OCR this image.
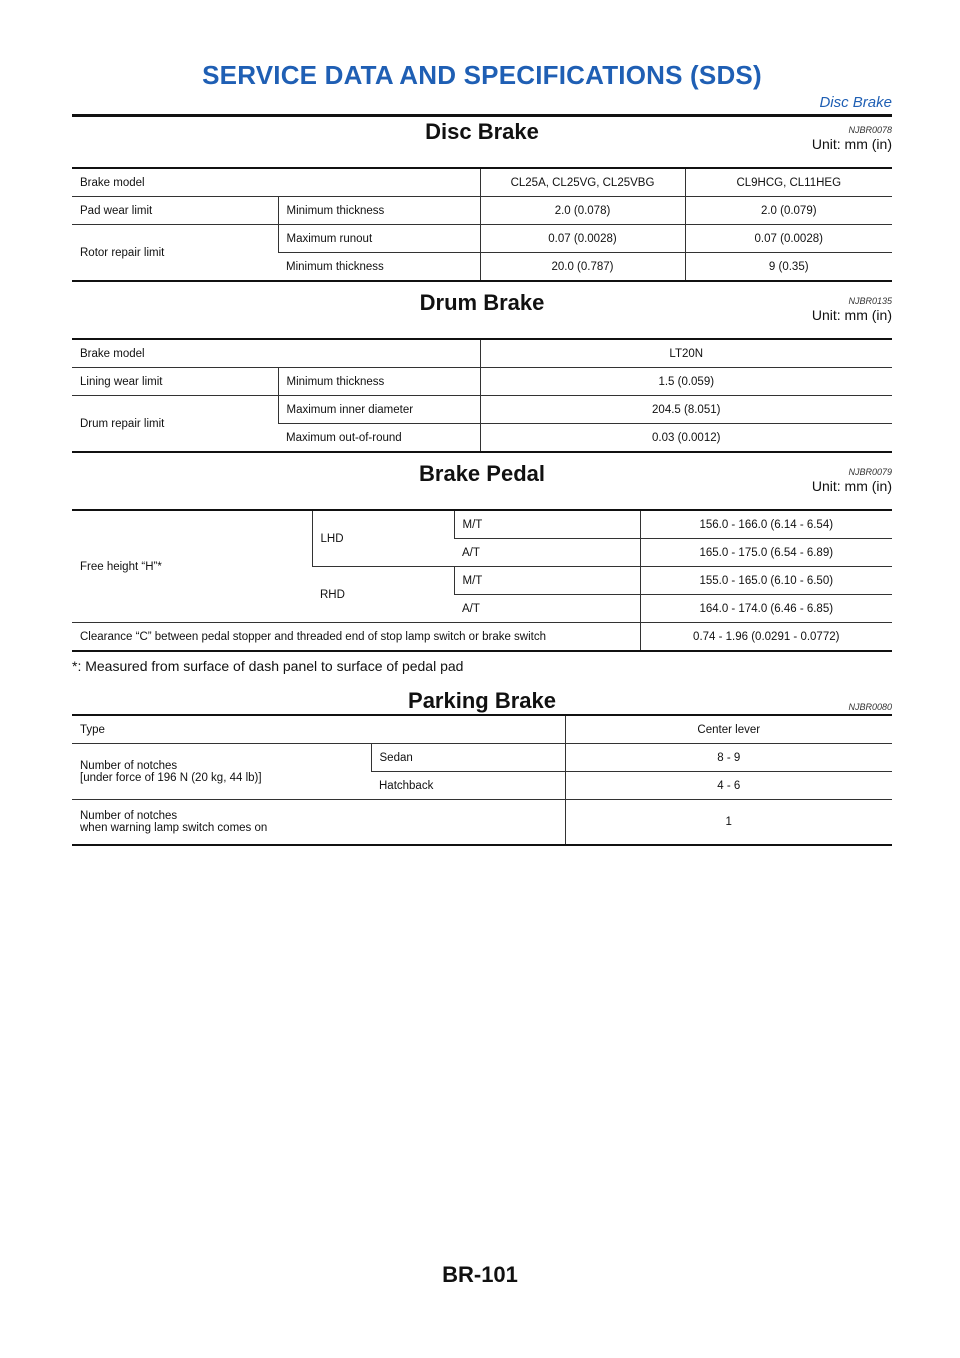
SERVICE DATA AND SPECIFICATIONS (SDS)
Disc Brake
Disc Brake	NJBR0078
Unit: mm (in)
Brake model		CL25A, CL25VG, CL25VBG	CL9HCG, CL11HEG
Pad wear limit	Minimum thickness	2.0 (0.078)	2.0 (0.079)
Rotor repair limit	Maximum runout	0.07 (0.0028)	0.07 (0.0028)
	Minimum thickness	20.0 (0.787)	9 (0.35)
Drum Brake	NJBR0135
Unit: mm (in)
Brake model		LT20N
Lining wear limit	Minimum thickness	1.5 (0.059)
Drum repair limit	Maximum inner diameter	204.5 (8.051)
	Maximum out-of-round	0.03 (0.0012)
Brake Pedal	NJBR0079
Unit: mm (in)
Free height “H”*	LHD	M/T	156.0 - 166.0 (6.14 - 6.54)
		A/T	165.0 - 175.0 (6.54 - 6.89)
	RHD	M/T	155.0 - 165.0 (6.10 - 6.50)
		A/T	164.0 - 174.0 (6.46 - 6.85)
Clearance “C” between pedal stopper and threaded end of stop lamp switch or brake switch			0.74 - 1.96 (0.0291 - 0.0772)
*: Measured from surface of dash panel to surface of pedal pad
Parking Brake	NJBR0080
Type		Center lever

Number of notches
[under force of 196 N (20 kg, 44 lb)]	Sedan	8 - 9
	Hatchback	4 - 6

Number of notches
when warning lamp switch comes on		1
BR-101
